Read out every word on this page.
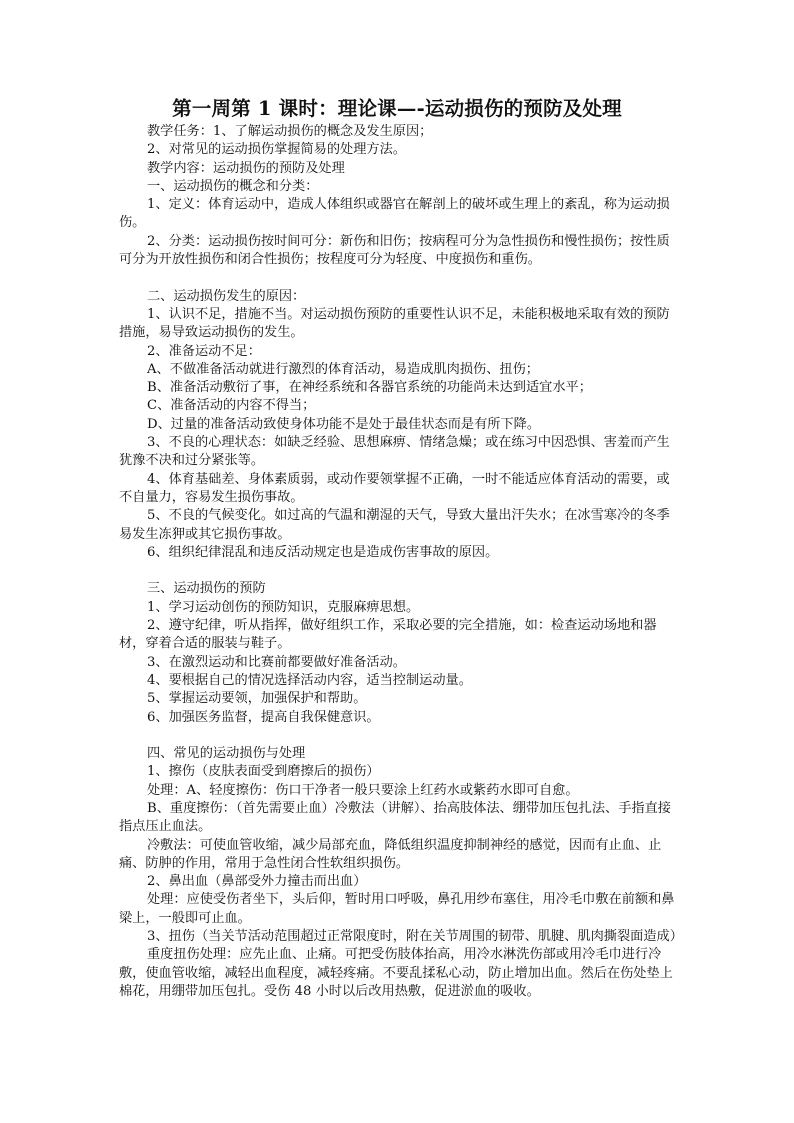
第一周第 1 课时：理论课—-运动损伤的预防及处理

教学任务：1、了解运动损伤的概念及发生原因；

2、对常见的运动损伤掌握简易的处理方法。

教学内容：运动损伤的预防及处理

一、运动损伤的概念和分类：

1、定义：体育运动中，造成人体组织或器官在解剖上的破坏或生理上的紊乱，称为运动损伤。

2、分类：运动损伤按时间可分：新伤和旧伤；按病程可分为急性损伤和慢性损伤；按性质可分为开放性损伤和闭合性损伤；按程度可分为轻度、中度损伤和重伤。

二、运动损伤发生的原因：

1、认识不足，措施不当。对运动损伤预防的重要性认识不足，未能积极地采取有效的预防措施，易导致运动损伤的发生。

2、准备运动不足：

A、不做准备活动就进行激烈的体育活动，易造成肌肉损伤、扭伤；

B、准备活动敷衍了事，在神经系统和各器官系统的功能尚未达到适宜水平；

C、准备活动的内容不得当；

D、过量的准备活动致使身体功能不是处于最佳状态而是有所下降。

3、不良的心理状态：如缺乏经验、思想麻痹、情绪急燥；或在练习中因恐惧、害羞而产生犹豫不决和过分紧张等。

4、体育基础差、身体素质弱，或动作要领掌握不正确，一时不能适应体育活动的需要，或不自量力，容易发生损伤事故。

5、不良的气候变化。如过高的气温和潮湿的天气，导致大量出汗失水；在冰雪寒冷的冬季易发生冻狎或其它损伤事故。

6、组织纪律混乱和违反活动规定也是造成伤害事故的原因。

三、运动损伤的预防

1、学习运动创伤的预防知识，克服麻痹思想。

2、遵守纪律，听从指挥，做好组织工作，采取必要的完全措施，如：检查运动场地和器材，穿着合适的服装与鞋子。

3、在激烈运动和比赛前都要做好准备活动。

4、要根据自己的情况选择活动内容，适当控制运动量。

5、掌握运动要领，加强保护和帮助。

6、加强医务监督，提高自我保健意识。

四、常见的运动损伤与处理

1、擦伤（皮肤表面受到磨擦后的损伤）

处理：A、轻度擦伤：伤口干净者一般只要涂上红药水或紫药水即可自愈。

B、重度擦伤：（首先需要止血）冷敷法（讲解）、抬高肢体法、绷带加压包扎法、手指直接指点压止血法。

冷敷法：可使血管收缩，减少局部充血，降低组织温度抑制神经的感觉，因而有止血、止痛、防肿的作用，常用于急性闭合性软组织损伤。

2、鼻出血（鼻部受外力撞击而出血）

处理：应使受伤者坐下，头后仰，暂时用口呼吸，鼻孔用纱布塞住，用冷毛巾敷在前额和鼻梁上，一般即可止血。

3、扭伤（当关节活动范围超过正常限度时，附在关节周围的韧带、肌腱、肌肉撕裂面造成）

重度扭伤处理：应先止血、止痛。可把受伤肢体抬高，用冷水淋洗伤部或用冷毛巾进行冷敷，使血管收缩，减轻出血程度，减轻疼痛。不要乱揉私心动，防止增加出血。然后在伤处垫上棉花，用绷带加压包扎。受伤 48 小时以后改用热敷，促进淤血的吸收。
